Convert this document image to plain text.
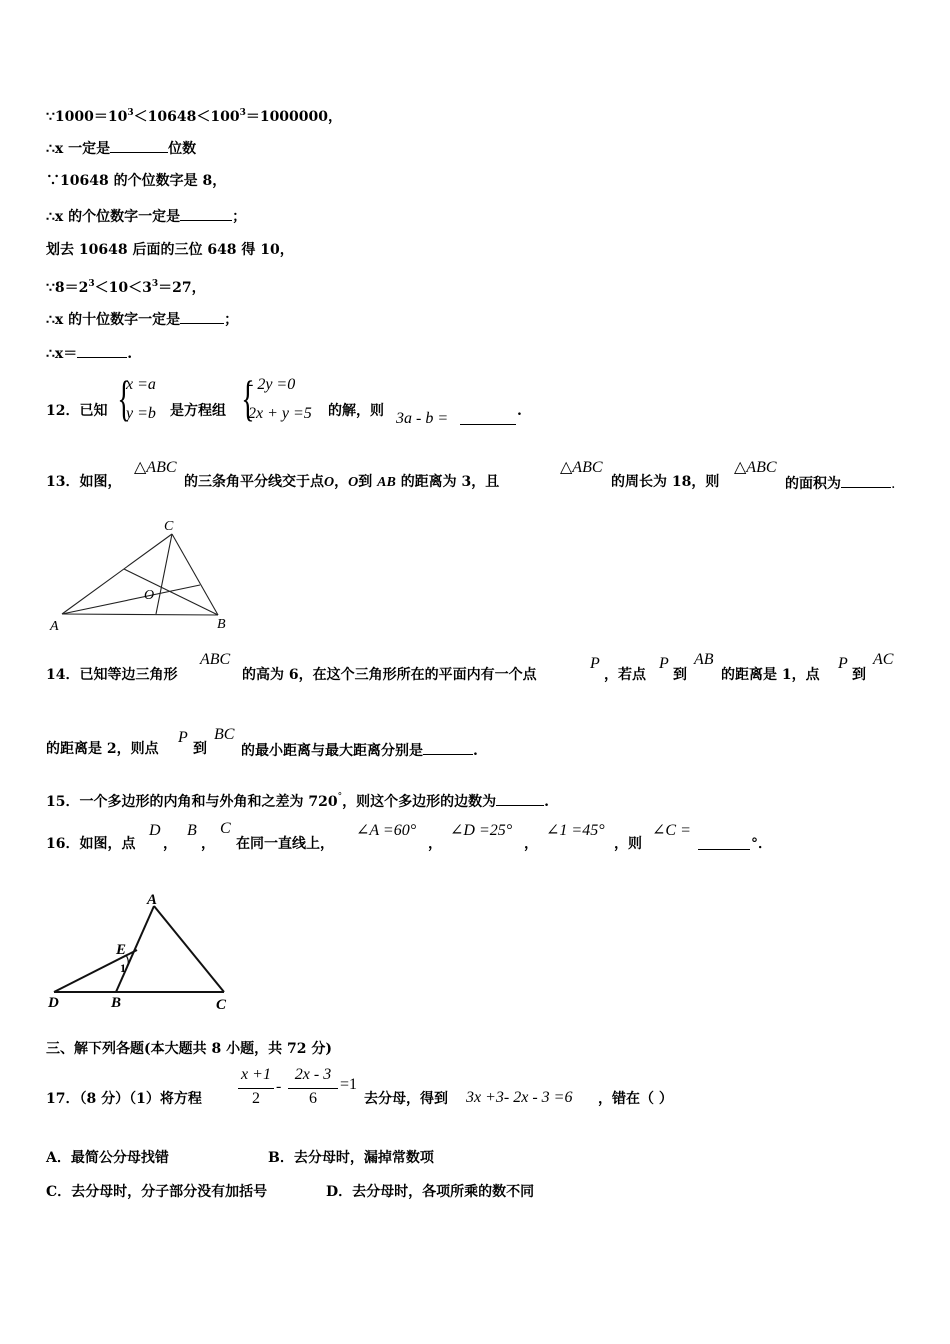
$\because 1000=10^3<10648<100^3=1000000$，
∴x 一定是	位数
∵10648 的个位数字是 8，
∴x 的个位数字一定是	；
划去 10648 后面的三位 648 得 10，
$\because 8=2^3<10<3^3=27$，
∴x 的十位数字一定是	；
∴x＝	.
12．已知 {
x =a
y =b 是方程组 {
- 2y =0
2x + y =5 的解，则 3a - b =	.
13．如图，
△ABC
的三条角平分线交于点O，O到 AB 的距离为 3，且
△ABC
的周长为 18，则
△ABC
的面积为	.
A	B
C
O
14．已知等边三角形
ABC
的高为 6，在这个三角形所在的平面内有一个点
P
，若点
P
到
AB
的距离是 1，点
P
到
AC
的距离是 2，则点
P
到
BC
的最小距离与最大距离分别是	.
15．一个多边形的内角和与外角和之差为 720°，则这个多边形的边数为	.
16．如图，点
D
，
B
，
C
在同一直线上，
∠A =60°
，
∠D =25°
，
∠1 =45°
，则
∠C =
°．
A
E
1
D	B	C
三、解下列各题(本大题共 8 小题，共 72 分)
17．（8 分）（1）将方程
x +1
2
-
2x - 3
6
=1
去分母，得到 3x +3- 2x - 3 =6 ，错在（ ）
A．最简公分母找错	B．去分母时，漏掉常数项
C．去分母时，分子部分没有加括号	D．去分母时，各项所乘的数不同
